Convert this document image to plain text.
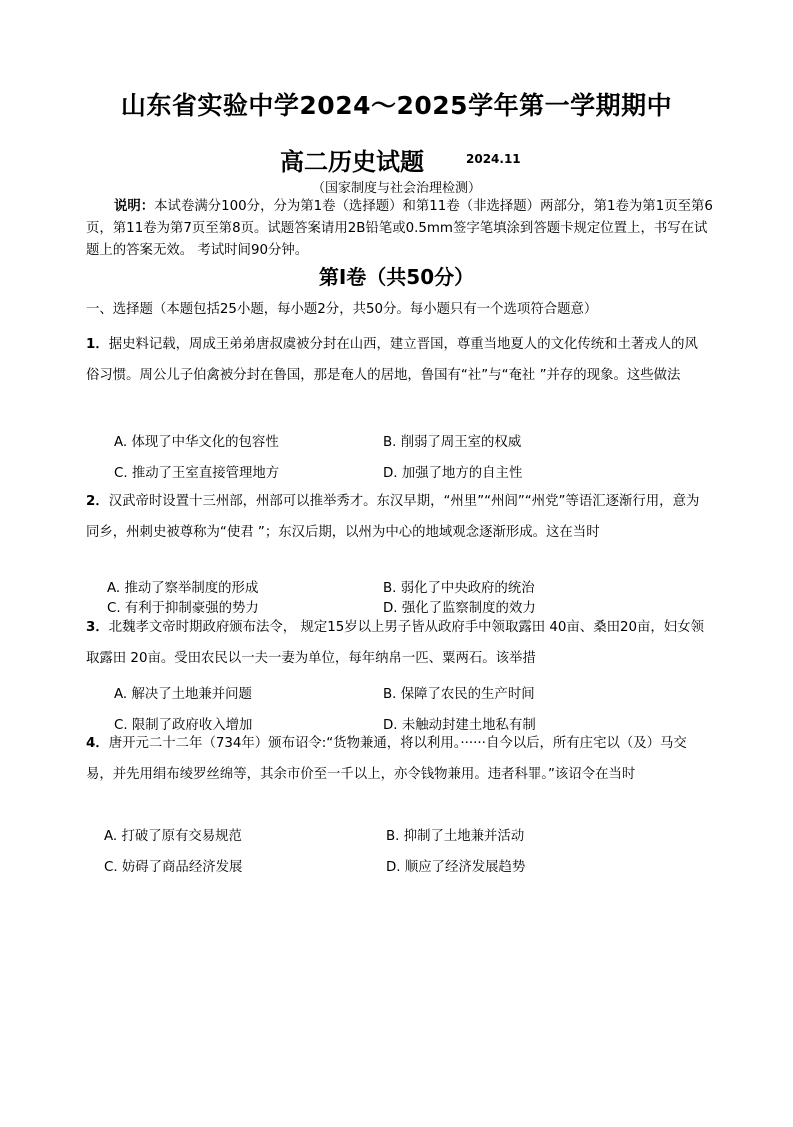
山东省实验中学2024～2025学年第一学期期中
高二历史试题	2024.11
（国家制度与社会治理检测）
说明：本试卷满分100分，分为第1卷（选择题）和第11卷（非选择题）两部分，第1卷为第1页至第6页，第11卷为第7页至第8页。试题答案请用2B铅笔或0.5mm签字笔填涂到答题卡规定位置上，书写在试题上的答案无效。 考试时间90分钟。
第I卷（共50分）
一、选择题（本题包括25小题，每小题2分，共50分。每小题只有一个选项符合题意）
1．据史料记载，周成王弟弟唐叔虞被分封在山西，建立晋国，尊重当地夏人的文化传统和土著戎人的风俗习惯。周公儿子伯禽被分封在鲁国，那是奄人的居地，鲁国有“社”与“奄社 ”并存的现象。这些做法
A. 体现了中华文化的包容性	B. 削弱了周王室的权威
C. 推动了王室直接管理地方	D. 加强了地方的自主性
2．汉武帝时设置十三州部，州部可以推举秀才。东汉早期，“州里”“州闾”“州党”等语汇逐渐行用，意为同乡，州刺史被尊称为“使君 ”；东汉后期，以州为中心的地域观念逐渐形成。这在当时
A. 推动了察举制度的形成	B. 弱化了中央政府的统治
C. 有利于抑制豪强的势力	D. 强化了监察制度的效力
3．北魏孝文帝时期政府颁布法令， 规定15岁以上男子皆从政府手中领取露田 40亩、桑田20亩，妇女领取露田 20亩。受田农民以一夫一妻为单位，每年纳帛一匹、粟两石。该举措
A. 解决了土地兼并问题	B. 保障了农民的生产时间
C. 限制了政府收入增加	D. 未触动封建土地私有制
4．唐开元二十二年（734年）颁布诏令:“货物兼通，将以利用。······自今以后，所有庄宅以（及）马交易，并先用绢布绫罗丝绵等，其余市价至一千以上，亦令钱物兼用。违者科罪。”该诏令在当时
A. 打破了原有交易规范	B. 抑制了土地兼并活动
C. 妨碍了商品经济发展	D. 顺应了经济发展趋势
